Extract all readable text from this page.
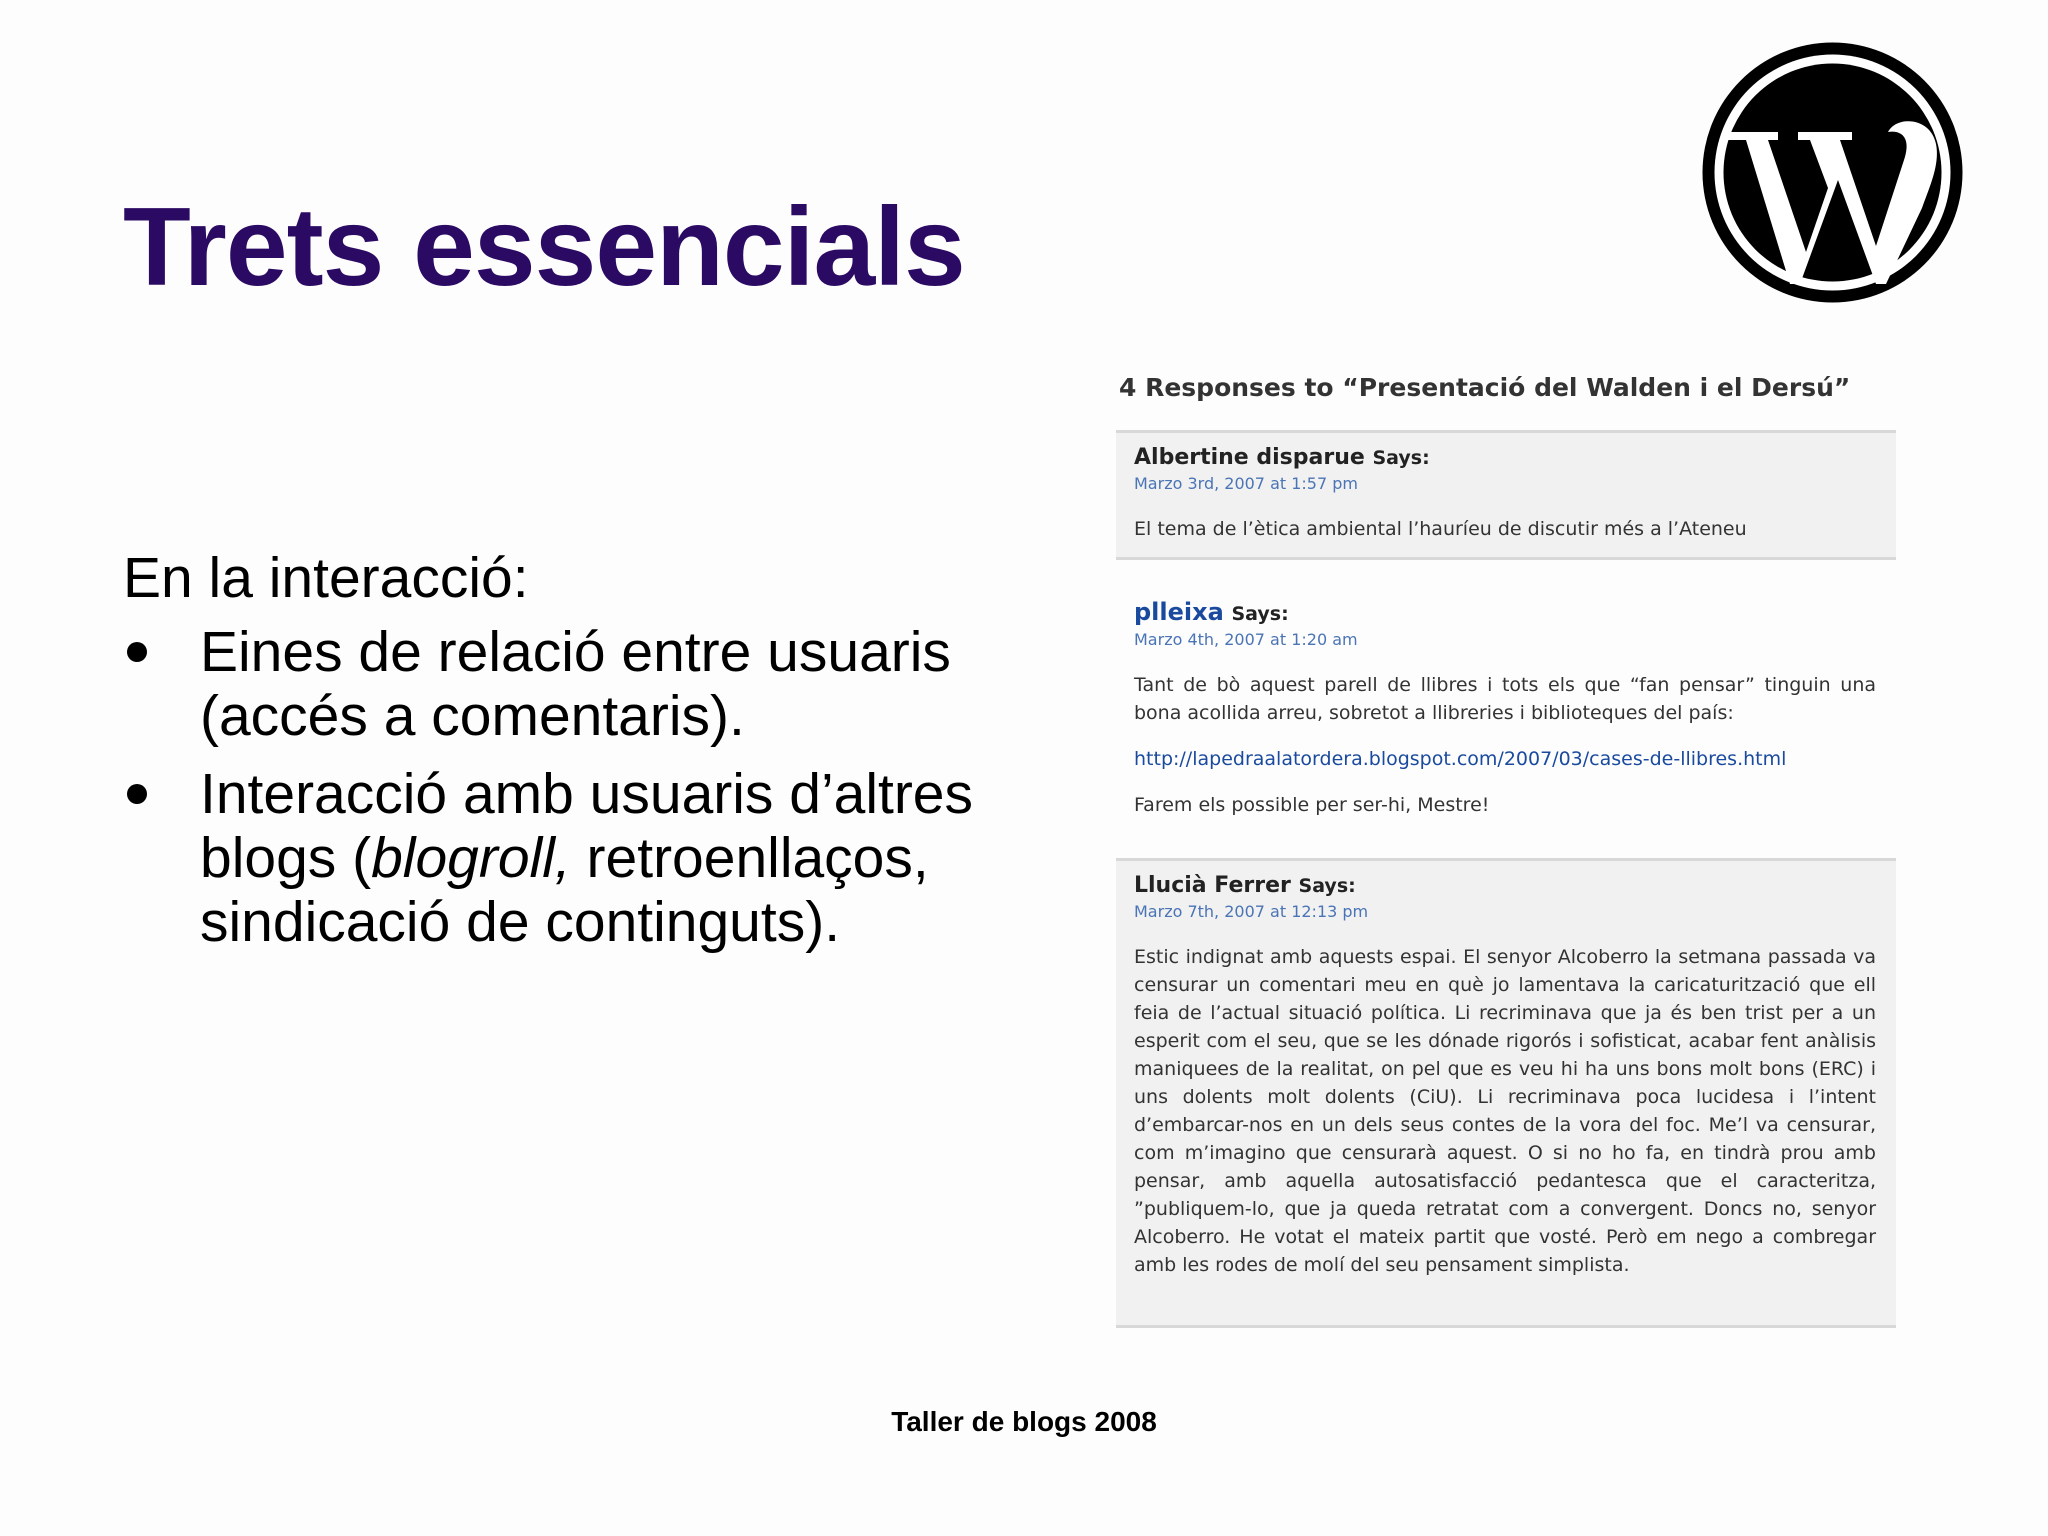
Trets essencials

En la interacció:

Eines de relació entre usuaris (accés a comentaris).
Interacció amb usuaris d’altres blogs (blogroll, retroenllaços, sindicació de continguts).
4 Responses to “Presentació del Walden i el Dersú”
Albertine disparue Says:
Marzo 3rd, 2007 at 1:57 pm

El tema de l’ètica ambiental l’hauríeu de discutir més a l’Ateneu

plleixa Says:
Marzo 4th, 2007 at 1:20 am

Tant de bò aquest parell de llibres i tots els que “fan pensar” tinguin una bona acollida arreu, sobretot a llibreries i biblioteques del país:

http://lapedraalatordera.blogspot.com/2007/03/cases-de-llibres.html

Farem els possible per ser-hi, Mestre!

Llucià Ferrer Says:
Marzo 7th, 2007 at 12:13 pm

Estic indignat amb aquests espai. El senyor Alcoberro la setmana passada va censurar un comentari meu en què jo lamentava la caricaturització que ell feia de l’actual situació política. Li recriminava que ja és ben trist per a un esperit com el seu, que se les dónade rigorós i sofisticat, acabar fent anàlisis maniquees de la realitat, on pel que es veu hi ha uns bons molt bons (ERC) i uns dolents molt dolents (CiU). Li recriminava poca lucidesa i l’intent d’embarcar-nos en un dels seus contes de la vora del foc. Me’l va censurar, com m’imagino que censurarà aquest. O si no ho fa, en tindrà prou amb pensar, amb aquella autosatisfacció pedantesca que el caracteritza, ”publiquem-lo, que ja queda retratat com a convergent. Doncs no, senyor Alcoberro. He votat el mateix partit que vosté. Però em nego a combregar amb les rodes de molí del seu pensament simplista.

Taller de blogs 2008
